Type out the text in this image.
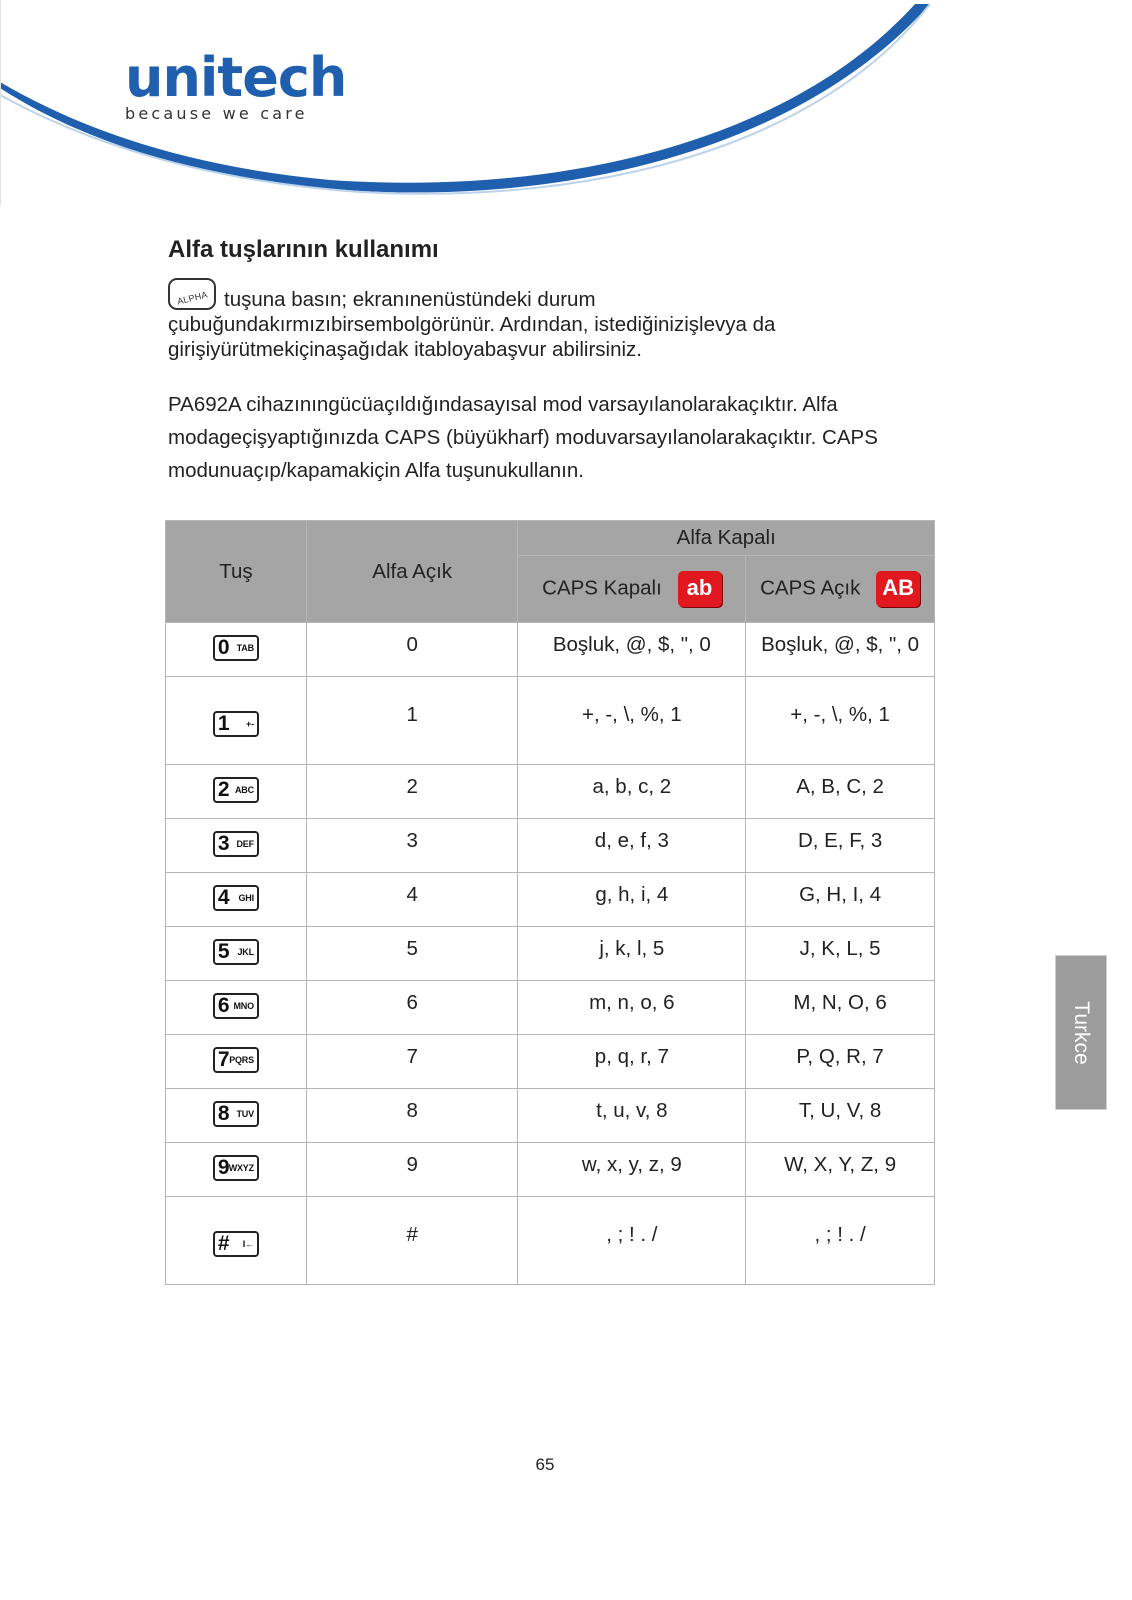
unitech
because we care
Alfa tuşlarının kullanımı

ALPHA tuşuna basın; ekranınenüstündeki durum
çubuğundakırmızıbirsembolgörünür. Ardından, istediğinizişlevya da
girişiyürütmekiçinaşağıdak itabloyabaşvur abilirsiniz.

PA692A cihazınıngücüaçıldığındasayısal mod varsayılanolarakaçıktır. Alfa
modageçişyaptığınızda CAPS (büyükharf) moduvarsayılanolarakaçıktır. CAPS
modunuaçıp/kapamakiçin Alfa tuşunukullanın.

Tuş	Alfa Açık	Alfa Kapalı	
		CAPS Kapalı ab	CAPS Açık AB

0 TAB	0	Boşluk, @, $, ", 0	Boşluk, @, $, ", 0

1 +-	1	+, -, \, %, 1	+, -, \, %, 1

2 ABC	2	a, b, c, 2	A, B, C, 2

3 DEF	3	d, e, f, 3	D, E, F, 3

4 GHI	4	g, h, i, 4	G, H, I, 4

5 JKL	5	j, k, l, 5	J, K, L, 5

6 MNO	6	m, n, o, 6	M, N, O, 6

7 PQRS	7	p, q, r, 7	P, Q, R, 7

8 TUV	8	t, u, v, 8	T, U, V, 8

9 WXYZ	9	w, x, y, z, 9	W, X, Y, Z, 9

# I←	#	, ; ! . /	, ; ! . /
Turkce
65
